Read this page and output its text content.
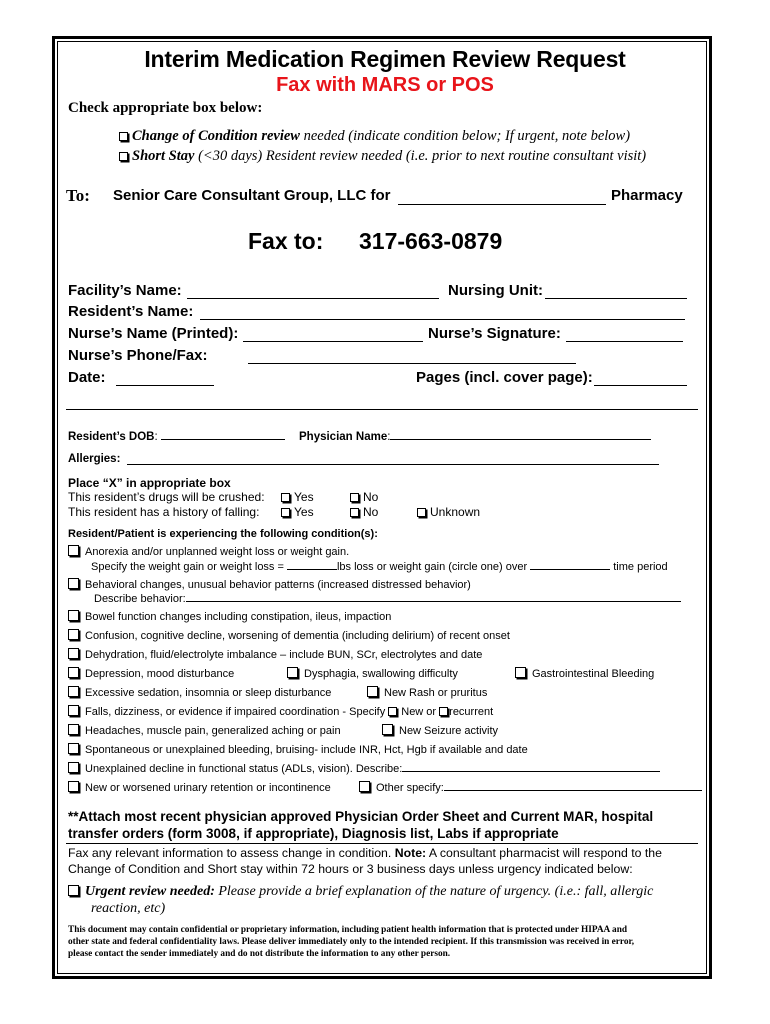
Interim Medication Regimen Review Request
Fax with MARS or POS
Check appropriate box below:
Change of Condition review needed (indicate condition below; If urgent, note below)
Short Stay (<30 days) Resident review needed (i.e. prior to next routine consultant visit)
To: Senior Care Consultant Group, LLC for	Pharmacy
Fax to: 317-663-0879
Facility’s Name:	Nursing Unit:
Resident’s Name:
Nurse’s Name (Printed):	Nurse’s Signature:
Nurse’s Phone/Fax:
Date:	Pages (incl. cover page):
Resident’s DOB:	Physician Name:
Allergies:
Place “X” in appropriate box
This resident’s drugs will be crushed:	Yes	No
This resident has a history of falling:	Yes	No	Unknown
Resident/Patient is experiencing the following condition(s):
Anorexia and/or unplanned weight loss or weight gain.
Specify the weight gain or weight loss =	lbs loss or weight gain (circle one) over	time period
Behavioral changes, unusual behavior patterns (increased distressed behavior)
Describe behavior:
Bowel function changes including constipation, ileus, impaction
Confusion, cognitive decline, worsening of dementia (including delirium) of recent onset
Dehydration, fluid/electrolyte imbalance – include BUN, SCr, electrolytes and date
Depression, mood disturbance	Dysphagia, swallowing difficulty	Gastrointestinal Bleeding
Excessive sedation, insomnia or sleep disturbance	New Rash or pruritus
Falls, dizziness, or evidence if impaired coordination - Specify New or recurrent
Headaches, muscle pain, generalized aching or pain	New Seizure activity
Spontaneous or unexplained bleeding, bruising- include INR, Hct, Hgb if available and date
Unexplained decline in functional status (ADLs, vision). Describe:
New or worsened urinary retention or incontinence	Other specify:
**Attach most recent physician approved Physician Order Sheet and Current MAR, hospital
transfer orders (form 3008, if appropriate), Diagnosis list, Labs if appropriate
Fax any relevant information to assess change in condition. Note: A consultant pharmacist will respond to the
Change of Condition and Short stay within 72 hours or 3 business days unless urgency indicated below:
Urgent review needed: Please provide a brief explanation of the nature of urgency. (i.e.: fall, allergic
reaction, etc)
This document may contain confidential or proprietary information, including patient health information that is protected under HIPAA and
other state and federal confidentiality laws. Please deliver immediately only to the intended recipient. If this transmission was received in error,
please contact the sender immediately and do not distribute the information to any other person.
